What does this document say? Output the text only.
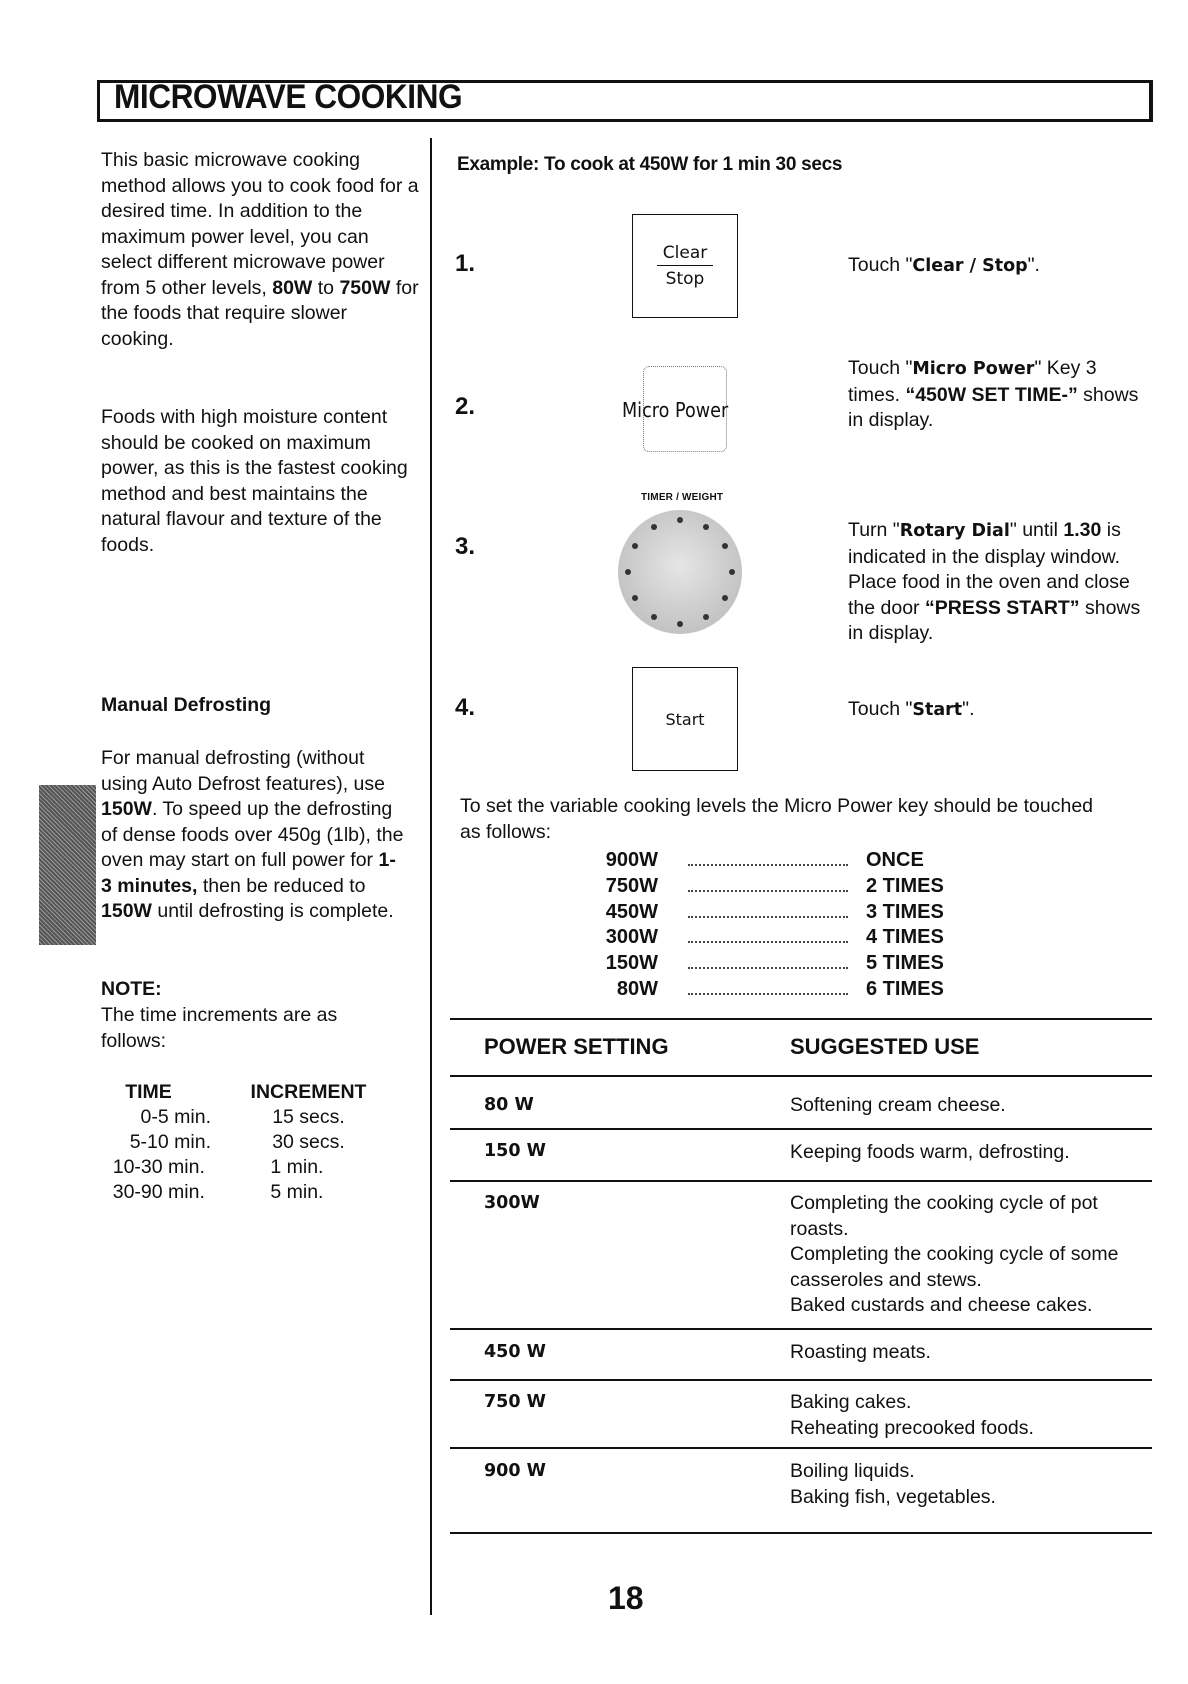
MICROWAVE COOKING
This basic microwave cooking method allows you to cook food for a desired time. In addition to the maximum power level, you can select different microwave power from 5 other levels, 80W to 750W for the foods that require slower cooking.
Foods with high moisture content should be cooked on maximum power, as this is the fastest cooking method and best maintains the natural flavour and texture of the foods.
Manual Defrosting
For manual defrosting (without using Auto Defrost features), use 150W. To speed up the defrosting of dense foods over 450g (1lb), the oven may start on full power for 1-3 minutes, then be reduced to 150W until defrosting is complete.
NOTE:
The time increments are as follows:
TIME	INCREMENT
0-5 min.	15 secs.
5-10 min.	30 secs.
10-30 min.	1 min.
30-90 min.	5 min.
Example: To cook at 450W for 1 min 30 secs
1.	Clear
Stop
Touch "Clear / Stop".
2.	Micro Power
Touch "Micro Power" Key 3 times. “450W SET TIME-” shows in display.
3.
TIMER / WEIGHT
Turn "Rotary Dial" until 1.30 is indicated in the display window. Place food in the oven and close the door “PRESS START” shows in display.
4.	Start	Touch "Start".
To set the variable cooking levels the Micro Power key should be touched as follows:
900W	ONCE
750W	2 TIMES
450W	3 TIMES
300W	4 TIMES
150W	5 TIMES
80W	6 TIMES
POWER SETTING	SUGGESTED USE
80 W	Softening cream cheese.
150 W	Keeping foods warm, defrosting.
300W	Completing the cooking cycle of pot roasts.
Completing the cooking cycle of some casseroles and stews.
Baked custards and cheese cakes.
450 W	Roasting meats.
750 W	Baking cakes.
Reheating precooked foods.
900 W	Boiling liquids.
Baking fish, vegetables.
18
